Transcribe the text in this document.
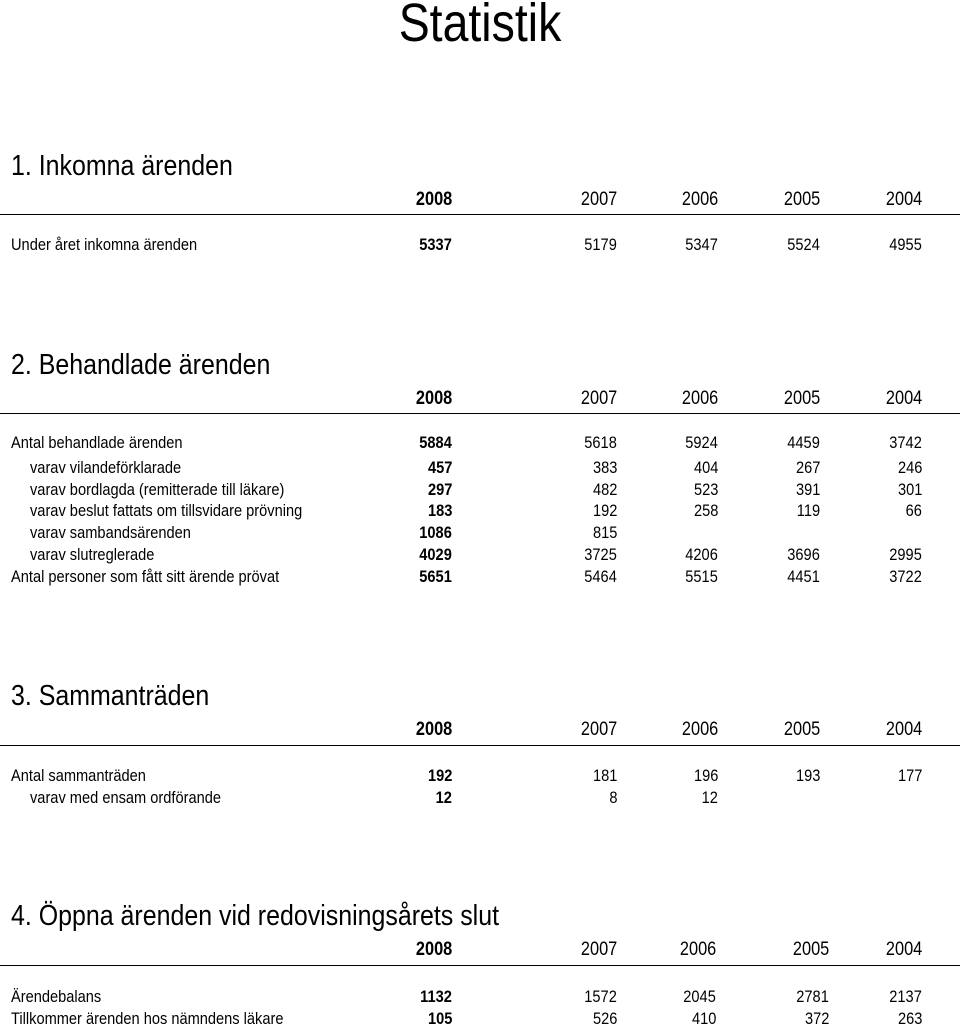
Statistik
1. Inkomna ärenden
2008	2007	2006	2005	2004
Under året inkomna ärenden	5337	5179	5347	5524	4955
2. Behandlade ärenden
2008	2007	2006	2005	2004
Antal behandlade ärenden	5884	5618	5924	4459	3742
varav vilandeförklarade	457	383	404	267	246
varav bordlagda (remitterade till läkare)	297	482	523	391	301
varav beslut fattats om tillsvidare prövning	183	192	258	119	66
varav sambandsärenden	1086	815
varav slutreglerade	4029	3725	4206	3696	2995
Antal personer som fått sitt ärende prövat	5651	5464	5515	4451	3722
3. Sammanträden
2008	2007	2006	2005	2004
Antal sammanträden	192	181	196	193	177
varav med ensam ordförande	12	8	12
4. Öppna ärenden vid redovisningsårets slut
2008	2007	2006	2005	2004
Ärendebalans	1132	1572	2045	2781	2137
Tillkommer ärenden hos nämndens läkare	105	526	410	372	263
